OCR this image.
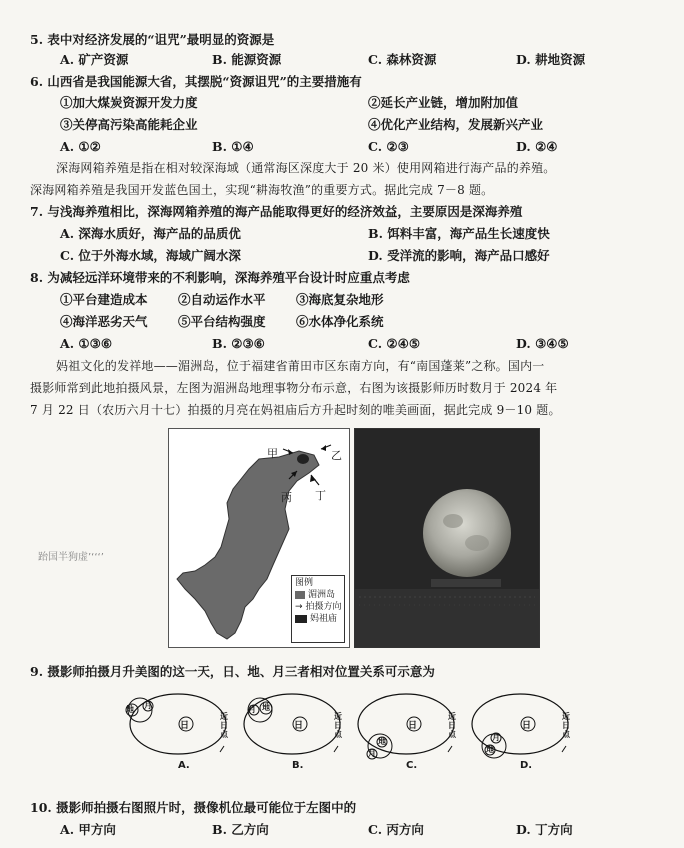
5. 表中对经济发展的“诅咒”最明显的资源是
A. 矿产资源	B. 能源资源	C. 森林资源	D. 耕地资源
6. 山西省是我国能源大省，其摆脱“资源诅咒”的主要措施有
①加大煤炭资源开发力度	②延长产业链，增加附加值
③关停高污染高能耗企业	④优化产业结构，发展新兴产业
A. ①②	B. ①④	C. ②③	D. ②④
深海网箱养殖是指在相对较深海域（通常海区深度大于 20 米）使用网箱进行海产品的养殖。
深海网箱养殖是我国开发蓝色国土，实现“耕海牧渔”的重要方式。据此完成 7－8 题。
7. 与浅海养殖相比，深海网箱养殖的海产品能取得更好的经济效益，主要原因是深海养殖
A. 深海水质好，海产品的品质优	B. 饵料丰富，海产品生长速度快
C. 位于外海水域，海域广阔水深	D. 受洋流的影响，海产品口感好
8. 为减轻远洋环境带来的不利影响，深海养殖平台设计时应重点考虑
①平台建造成本 ②自动运作水平 ③海底复杂地形
④海洋恶劣天气 ⑤平台结构强度 ⑥水体净化系统
A. ①③⑥	B. ②③⑥	C. ②④⑤	D. ③④⑤
妈祖文化的发祥地——湄洲岛，位于福建省莆田市区东南方向，有“南国蓬莱”之称。国内一
摄影师常到此地拍摄风景，左图为湄洲岛地理事物分布示意，右图为该摄影师历时数月于 2024 年
7 月 22 日（农历六月十七）拍摄的月亮在妈祖庙后方升起时刻的唯美画面，据此完成 9－10 题。
跆国半狗虚’‘‘‘’
甲	乙
丙 丁
图例
湄洲岛
→ 拍摄方向
妈祖庙
9. 摄影师拍摄月升美图的这一天，日、地、月三者相对位置关系可示意为
地 月
日
近日点
A.
月 地
日
近日点
B.
地
月
日
近日点
C.
地
月
日
近日点
D.
10. 摄影师拍摄右图照片时，摄像机位最可能位于左图中的
A. 甲方向	B. 乙方向	C. 丙方向	D. 丁方向
